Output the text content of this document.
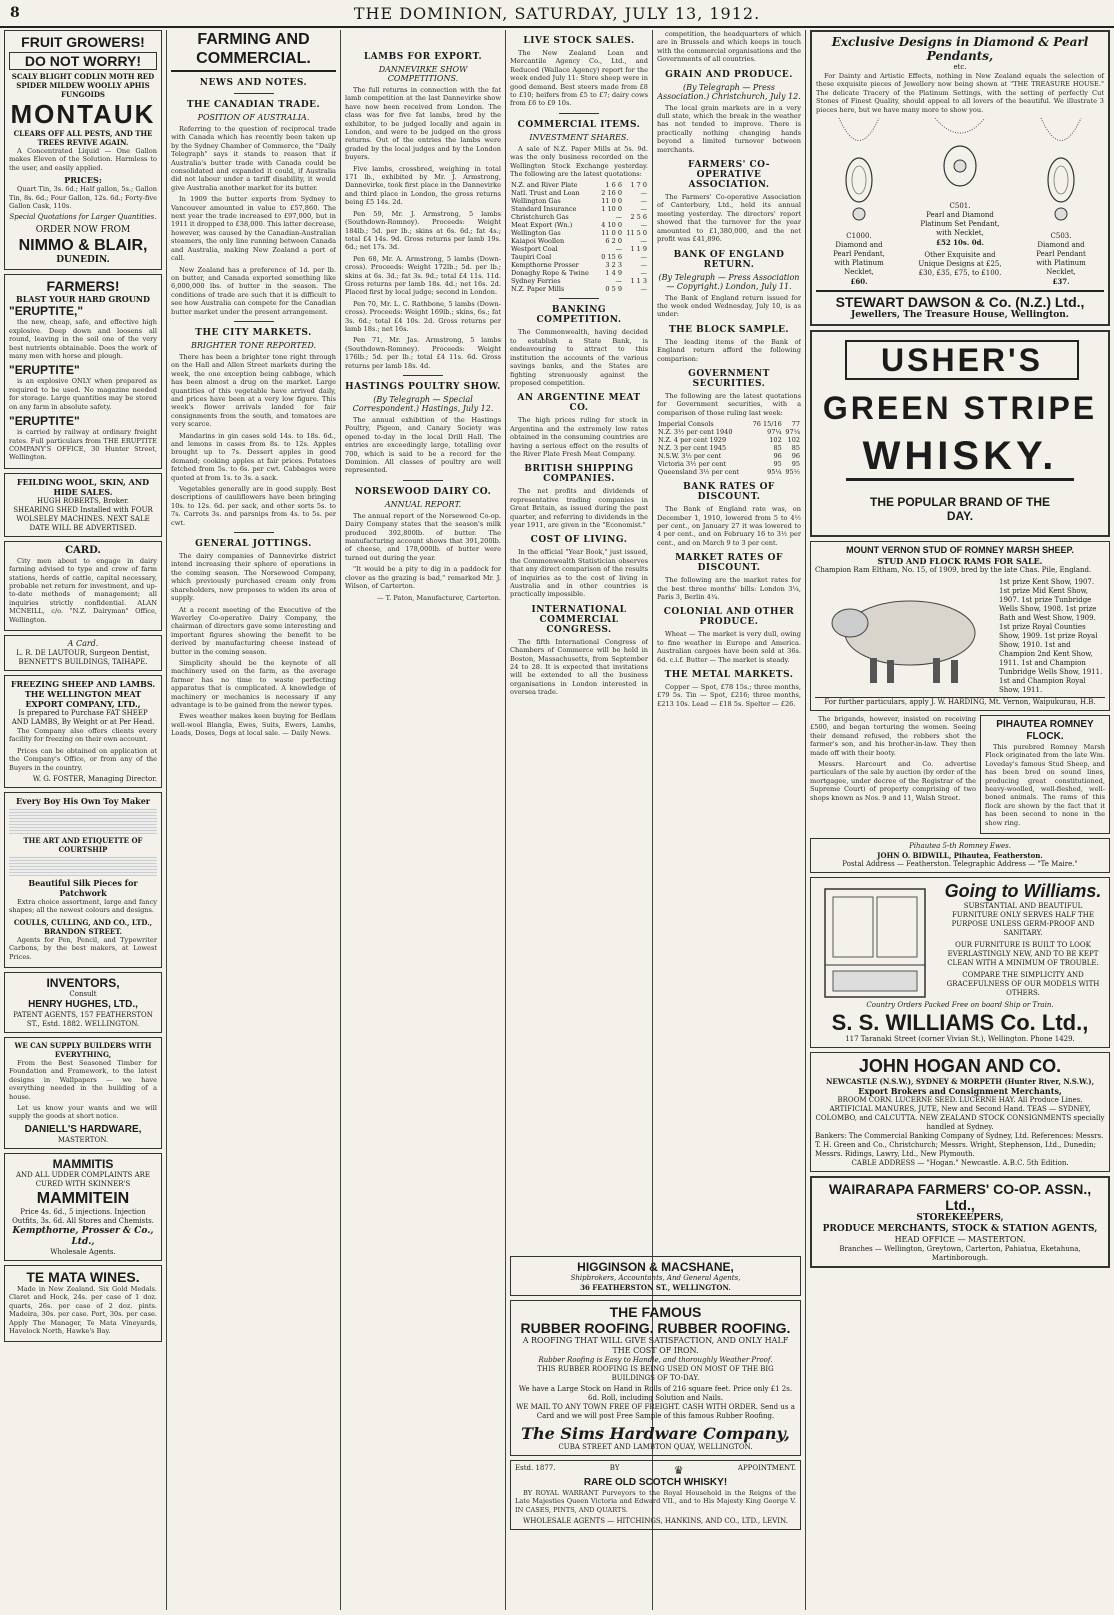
8	THE DOMINION, SATURDAY, JULY 13, 1912.
FRUIT GROWERS!
DO NOT WORRY!
SCALY BLIGHT CODLIN MOTH RED SPIDER MILDEW WOOLLY APHIS FUNGOIDS
MONTAUK
CLEARS OFF ALL PESTS, AND THE TREES REVIVE AGAIN.
A Concentrated Liquid — One Gallon makes Eleven of the Solution. Harmless to the user, and easily applied.
PRICES:
Quart Tin, 3s. 6d.; Half gallon, 5s.; Gallon Tin, 8s. 6d.; Four Gallon, 12s. 6d.; Forty-five Gallon Cask, 110s.
Special Quotations for Larger Quantities.
ORDER NOW FROM
NIMMO & BLAIR,
DUNEDIN.
FARMERS!
BLAST YOUR HARD GROUND
"ERUPTITE,"
the new, cheap, safe, and effective high explosive. Deep down and loosens all round, leaving in the soil one of the very best nutrients obtainable. Does the work of many men with horse and plough.
"ERUPTITE"
is an explosive ONLY when prepared as required to be used. No magazine needed for storage. Large quantities may be stored on any farm in absolute safety.
"ERUPTITE"
is carried by railway at ordinary freight rates. Full particulars from THE ERUPTITE COMPANY'S OFFICE, 30 Hunter Street, Wellington.
FEILDING WOOL, SKIN, AND HIDE SALES.
HUGH ROBERTS, Broker.
SHEARING SHED Installed with FOUR WOLSELEY MACHINES. NEXT SALE DATE WILL BE ADVERTISED.
CARD.
City men about to engage in dairy farming advised to type and crew of farm stations, herds of cattle, capital necessary, probable net return for investment, and up-to-date methods of management; all inquiries strictly confidential. ALAN MCNEILL, c/o. "N.Z. Dairyman" Office, Wellington.
A Card.
L. R. DE LAUTOUR, Surgeon Dentist, BENNETT'S BUILDINGS, TAIHAPE.
FREEZING SHEEP AND LAMBS.
THE WELLINGTON MEAT EXPORT COMPANY, LTD.,
Is prepared to Purchase FAT SHEEP AND LAMBS, By Weight or at Per Head.
The Company also offers clients every facility for freezing on their own account.
Prices can be obtained on application at the Company's Office, or from any of the Buyers in the country.
W. G. FOSTER, Managing Director.
Every Boy His Own Toy Maker
THE ART AND ETIQUETTE OF COURTSHIP
Beautiful Silk Pieces for Patchwork
Extra choice assortment, large and fancy shapes; all the newest colours and designs.
COULLS, CULLING, AND CO., LTD., BRANDON STREET.
Agents for Pen, Pencil, and Typewriter Carbons, by the best makers, at Lowest Prices.
INVENTORS,
Consult
HENRY HUGHES, LTD.,
PATENT AGENTS, 157 FEATHERSTON ST., Estd. 1882. WELLINGTON.
WE CAN SUPPLY BUILDERS WITH EVERYTHING,
From the Best Seasoned Timber for Foundation and Framework, to the latest designs in Wallpapers — we have everything needed in the building of a house.
Let us know your wants and we will supply the goods at short notice.
DANIELL'S HARDWARE,
MASTERTON.
MAMMITIS
AND ALL UDDER COMPLAINTS ARE CURED WITH SKINNER'S
MAMMITEIN
Price 4s. 6d., 5 injections. Injection Outfits, 3s. 6d. All Stores and Chemists.
Kempthorne, Prosser & Co., Ltd.,
Wholesale Agents.
TE MATA WINES.
Made in New Zealand. Six Gold Medals. Claret and Hock, 24s. per case of 1 doz. quarts, 26s. per case of 2 doz. pints. Madeira, 30s. per case. Port, 30s. per case. Apply The Manager, Te Mata Vineyards, Havelock North, Hawke's Bay.
FARMING AND COMMERCIAL.
NEWS AND NOTES.
THE CANADIAN TRADE.
POSITION OF AUSTRALIA.

Referring to the question of reciprocal trade with Canada which has recently been taken up by the Sydney Chamber of Commerce, the "Daily Telegraph" says it stands to reason that if Australia's butter trade with Canada could be consolidated and expanded it could, if Australia did not labour under a tariff disability, it would give Australia another market for its butter.

In 1909 the butter exports from Sydney to Vancouver amounted in value to £57,860. The next year the trade increased to £97,000, but in 1911 it dropped to £38,000. This latter decrease, however, was caused by the Canadian-Australian steamers, the only line running between Canada and Australia, making New Zealand a port of call.

New Zealand has a preference of 1d. per lb. on butter, and Canada exported something like 6,000,000 lbs. of butter in the season. The conditions of trade are such that it is difficult to see how Australia can compete for the Canadian butter market under the present arrangement.

THE CITY MARKETS.
BRIGHTER TONE REPORTED.

There has been a brighter tone right through on the Hall and Allen Street markets during the week, the one exception being cabbage, which has been almost a drug on the market. Large quantities of this vegetable have arrived daily, and prices have been at a very low figure. This week's flower arrivals landed for fair consignments from the south, and tomatoes are very scarce.

Mandarins in gin cases sold 14s. to 18s. 6d., and lemons in cases from 8s. to 12s. Apples brought up to 7s. Dessert apples in good demand; cooking apples at fair prices. Potatoes fetched from 5s. to 6s. per cwt. Cabbages were quoted at from 1s. to 3s. a sack.

Vegetables generally are in good supply. Best descriptions of cauliflowers have been bringing 10s. to 12s. 6d. per sack, and other sorts 5s. to 7s. Carrots 3s. and parsnips from 4s. to 5s. per cwt.

GENERAL JOTTINGS.

The dairy companies of Dannevirke district intend increasing their sphere of operations in the coming season. The Norsewood Company, which previously purchased cream only from shareholders, now proposes to widen its area of supply.

At a recent meeting of the Executive of the Waverley Co-operative Dairy Company, the chairman of directors gave some interesting and important figures showing the benefit to be derived by manufacturing cheese instead of butter in the coming season.

Simplicity should be the keynote of all machinery used on the farm, as the average farmer has no time to waste perfecting apparatus that is complicated. A knowledge of machinery or mechanics is necessary if any advantage is to be gained from the newer types.

Ewes weather makes keen buying for Bedlam well-wool Blangla, Ewes, Suits, Ewers, Lambs, Loads, Doses, Dogs at local sale. — Daily News.

LAMBS FOR EXPORT.
DANNEVIRKE SHOW COMPETITIONS.

The full returns in connection with the fat lamb competition at the last Dannevirke show have now been received from London. The class was for five fat lambs, bred by the exhibitor, to be judged locally and again in London, and were to be judged on the gross returns. Out of the entries the lambs were graded by the local judges and by the London buyers.

Five lambs, crossbred, weighing in total 171 lb., exhibited by Mr. J. Armstrong, Dannevirke, took first place in the Dannevirke and third place in London, the gross returns being £5 14s. 2d.

Pen 59, Mr. J. Armstrong, 5 lambs (Southdown-Romney). Proceeds: Weight 184lb.; 5d. per lb.; skins at 6s. 6d.; fat 4s.; total £4 14s. 9d. Gross returns per lamb 19s. 6d.; net 17s. 3d.

Pen 68, Mr. A. Armstrong, 5 lambs (Down-cross). Proceeds: Weight 172lb.; 5d. per lb.; skins at 6s. 3d.; fat 3s. 9d.; total £4 11s. 11d. Gross returns per lamb 18s. 4d.; net 16s. 2d. Placed first by local judge; second in London.

Pen 70, Mr. L. C. Rathbone, 5 lambs (Down-cross). Proceeds: Weight 169lb.; skins, 6s.; fat 3s. 6d.; total £4 10s. 2d. Gross returns per lamb 18s.; net 16s.

Pen 71, Mr. Jas. Armstrong, 5 lambs (Southdown-Romney). Proceeds: Weight 176lb.; 5d. per lb.; total £4 11s. 6d. Gross returns per lamb 18s. 4d.

HASTINGS POULTRY SHOW.
(By Telegraph — Special Correspondent.) Hastings, July 12.

The annual exhibition of the Hastings Poultry, Pigeon, and Canary Society was opened to-day in the local Drill Hall. The entries are exceedingly large, totalling over 700, which is said to be a record for the Dominion. All classes of poultry are well represented.

NORSEWOOD DAIRY CO.
ANNUAL REPORT.

The annual report of the Norsewood Co-op. Dairy Company states that the season's milk produced 392,800lb. of butter. The manufacturing account shows that 391,200lb. of cheese, and 178,000lb. of butter were turned out during the year.

"It would be a pity to dig in a paddock for clover as the grazing is bad," remarked Mr. J. Wilson, of Carterton.

— T. Paton, Manufacturer, Carterton.

LIVE STOCK SALES.

The New Zealand Loan and Mercantile Agency Co., Ltd., and Reduced (Wallace Agency) report for the week ended July 11: Store sheep were in good demand. Best steers made from £8 to £10; heifers from £5 to £7; dairy cows from £6 to £9 10s.

COMMERCIAL ITEMS.
INVESTMENT SHARES.

A sale of N.Z. Paper Mills at 5s. 9d. was the only business recorded on the Wellington Stock Exchange yesterday. The following are the latest quotations:

N.Z. and River Plate	1 6 6	1 7 0
Natl. Trust and Loan	2 16 0	—
Wellington Gas	11 0 0	—
Standard Insurance	1 10 0	—
Christchurch Gas	—	2 5 6
Meat Export (Wn.)	4 10 0	—
Wellington Gas	11 0 0	11 5 0
Kaiapoi Woollen	6 2 0	—
Westport Coal	—	1 1 9
Taupiri Coal	0 15 6	—
Kempthorne Prosser	3 2 3	—
Donaghy Rope & Twine	1 4 9	—
Sydney Ferries	—	1 1 3
N.Z. Paper Mills	0 5 9	—
BANKING COMPETITION.

The Commonwealth, having decided to establish a State Bank, is endeavouring to attract to this institution the accounts of the various savings banks, and the States are fighting strenuously against the proposed competition.

AN ARGENTINE MEAT CO.

The high prices ruling for stock in Argentina and the extremely low rates obtained in the consuming countries are having a serious effect on the results of the River Plate Fresh Meat Company.

BRITISH SHIPPING COMPANIES.

The net profits and dividends of representative trading companies in Great Britain, as issued during the past quarter, and referring to dividends in the year 1911, are given in the "Economist."

COST OF LIVING.

In the official "Year Book," just issued, the Commonwealth Statistician observes that any direct comparison of the results of inquiries as to the cost of living in Australia and in other countries is practically impossible.

INTERNATIONAL COMMERCIAL CONGRESS.

The fifth International Congress of Chambers of Commerce will be held in Boston, Massachusetts, from September 24 to 28. It is expected that invitations will be extended to all the business organisations in London interested in oversea trade.

competition, the headquarters of which are in Brussels and which keeps in touch with the commercial organisations and the Governments of all countries.

GRAIN AND PRODUCE.
(By Telegraph — Press Association.) Christchurch, July 12.

The local grain markets are in a very dull state, which the break in the weather has not tended to improve. There is practically nothing changing hands beyond a limited turnover between merchants.

FARMERS' CO-OPERATIVE ASSOCIATION.

The Farmers' Co-operative Association of Canterbury, Ltd., held its annual meeting yesterday. The directors' report showed that the turnover for the year amounted to £1,380,000, and the net profit was £41,896.

BANK OF ENGLAND RETURN.
(By Telegraph — Press Association — Copyright.) London, July 11.

The Bank of England return issued for the week ended Wednesday, July 10, is as under:

THE BLOCK SAMPLE.

The leading items of the Bank of England return afford the following comparison:

GOVERNMENT SECURITIES.

The following are the latest quotations for Government securities, with a comparison of those ruling last week:

Imperial Consols	76 15/16	77
N.Z. 3½ per cent 1940	97¼	97¼
N.Z. 4 per cent 1929	102	102
N.Z. 3 per cent 1945	85	85
N.S.W. 3½ per cent	96	96
Victoria 3½ per cent	95	95
Queensland 3½ per cent	95¼	95½
BANK RATES OF DISCOUNT.

The Bank of England rate was, on December 1, 1910, lowered from 5 to 4½ per cent., on January 27 it was lowered to 4 per cent., and on February 16 to 3½ per cent., and on March 9 to 3 per cent.

MARKET RATES OF DISCOUNT.

The following are the market rates for the best three months' bills: London 3¼, Paris 3, Berlin 4¼.

COLONIAL AND OTHER PRODUCE.

Wheat — The market is very dull, owing to fine weather in Europe and America. Australian cargoes have been sold at 36s. 6d. c.i.f. Butter — The market is steady.

THE METAL MARKETS.

Copper — Spot, £78 15s.; three months, £79 5s. Tin — Spot, £216; three months, £213 10s. Lead — £18 5s. Spelter — £26.

HIGGINSON & MACSHANE,
Shipbrokers, Accountants, And General Agents,
36 FEATHERSTON ST., WELLINGTON.
THE FAMOUS
RUBBER ROOFING. RUBBER ROOFING.
A ROOFING THAT WILL GIVE SATISFACTION, AND ONLY HALF THE COST OF IRON.
Rubber Roofing is Easy to Handle, and thoroughly Weather Proof.
THIS RUBBER ROOFING IS BEING USED ON MOST OF THE BIG BUILDINGS OF TO-DAY.
We have a Large Stock on Hand in Rolls of 216 square feet. Price only £1 2s. 6d. Roll, including Solution and Nails.
WE MAIL TO ANY TOWN FREE OF FREIGHT. CASH WITH ORDER. Send us a Card and we will post Free Sample of this famous Rubber Roofing.
The Sims Hardware Company,
CUBA STREET AND LAMBTON QUAY, WELLINGTON.
Estd. 1877.	BY	♛	APPOINTMENT.
RARE OLD SCOTCH WHISKY!
BY ROYAL WARRANT Purveyors to the Royal Household in the Reigns of the Late Majesties Queen Victoria and Edward VII., and to His Majesty King George V. IN CASES, PINTS, AND QUARTS.
WHOLESALE AGENTS — HITCHINGS, HANKINS, AND CO., LTD., LEVIN.
Exclusive Designs in Diamond & Pearl Pendants,
etc.
For Dainty and Artistic Effects, nothing in New Zealand equals the selection of these exquisite pieces of Jewellery now being shown at "THE TREASURE HOUSE." The delicate Tracery of the Platinum Settings, with the setting of perfectly Cut Stones of Finest Quality, should appeal to all lovers of the beautiful. We illustrate 3 pieces here, but we have many more to show you.
C1000.
Diamond and Pearl Pendant, with Platinum Necklet,
£60.
C501.
Pearl and Diamond Platinum Set Pendant, with Necklet,
£52 10s. 0d.
Other Exquisite and Unique Designs at £25, £30, £35, £75, to £100.
C503.
Diamond and Pearl Pendant with Platinum Necklet,
£37.
STEWART DAWSON & Co. (N.Z.) Ltd.,
Jewellers, The Treasure House, Wellington.
USHER'S
GREEN STRIPE
WHISKY.
THE POPULAR BRAND OF THE DAY.
MOUNT VERNON STUD OF ROMNEY MARSH SHEEP.
STUD AND FLOCK RAMS FOR SALE.
Champion Ram Eltham, No. 15, of 1909, bred by the late Chas. Pile, England.
1st prize Kent Show, 1907. 1st prize Mid Kent Show, 1907. 1st prize Tunbridge Wells Show, 1908. 1st prize Bath and West Show, 1909. 1st prize Royal Counties Show, 1909. 1st prize Royal Show, 1910. 1st and Champion 2nd Kent Show, 1911. 1st and Champion Tunbridge Wells Show, 1911. 1st and Champion Royal Show, 1911.
For further particulars, apply J. W. HARDING, Mt. Vernon, Waipukurau, H.B.

The brigands, however, insisted on receiving £500, and began torturing the women. Seeing their demand refused, the robbers shot the farmer's son, and his brother-in-law. They then made off with their booty.

Messrs. Harcourt and Co. advertise particulars of the sale by auction (by order of the mortgagee, under decree of the Registrar of the Supreme Court) of property comprising of two shops known as Nos. 9 and 11, Walsh Street.

PIHAUTEA ROMNEY FLOCK.
This purebred Romney Marsh Flock originated from the late Wm. Loveday's famous Stud Sheep, and has been bred on sound lines, producing great constitutioned, heavy-woolled, well-fleshed, well-boned animals. The rams of this flock are shown by the fact that it has been second to none in the show ring.
Pihautea 5-th Romney Ewes.
JOHN O. BIDWILL, Pihautea, Featherston.
Postal Address — Featherston. Telegraphic Address — "Te Maire."
Going to Williams.
SUBSTANTIAL AND BEAUTIFUL FURNITURE ONLY SERVES HALF THE PURPOSE UNLESS GERM-PROOF AND SANITARY.
OUR FURNITURE IS BUILT TO LOOK EVERLASTINGLY NEW, AND TO BE KEPT CLEAN WITH A MINIMUM OF TROUBLE.
COMPARE THE SIMPLICITY AND GRACEFULNESS OF OUR MODELS WITH OTHERS.
Country Orders Packed Free on board Ship or Train.
S. S. WILLIAMS Co. Ltd.,
117 Taranaki Street (corner Vivian St.), Wellington. Phone 1429.
JOHN HOGAN AND CO.
NEWCASTLE (N.S.W.), SYDNEY & MORPETH (Hunter River, N.S.W.),
Export Brokers and Consignment Merchants,
BROOM CORN. LUCERNE SEED. LUCERNE HAY. All Produce Lines.
ARTIFICIAL MANURES, JUTE, New and Second Hand. TEAS — SYDNEY, COLOMBO, and CALCUTTA. NEW ZEALAND STOCK CONSIGNMENTS specially handled at Sydney.
Bankers: The Commercial Banking Company of Sydney, Ltd. References: Messrs. T. H. Green and Co., Christchurch; Messrs. Wright, Stephenson, Ltd., Dunedin; Messrs. Ridings, Lawry, Ltd., New Plymouth.
CABLE ADDRESS — "Hogan." Newcastle. A.B.C. 5th Edition.
WAIRARAPA FARMERS' CO-OP. ASSN., Ltd.,
STOREKEEPERS,
PRODUCE MERCHANTS, STOCK & STATION AGENTS,
HEAD OFFICE — MASTERTON.
Branches — Wellington, Greytown, Carterton, Pahiatua, Eketahuna, Martinborough.
